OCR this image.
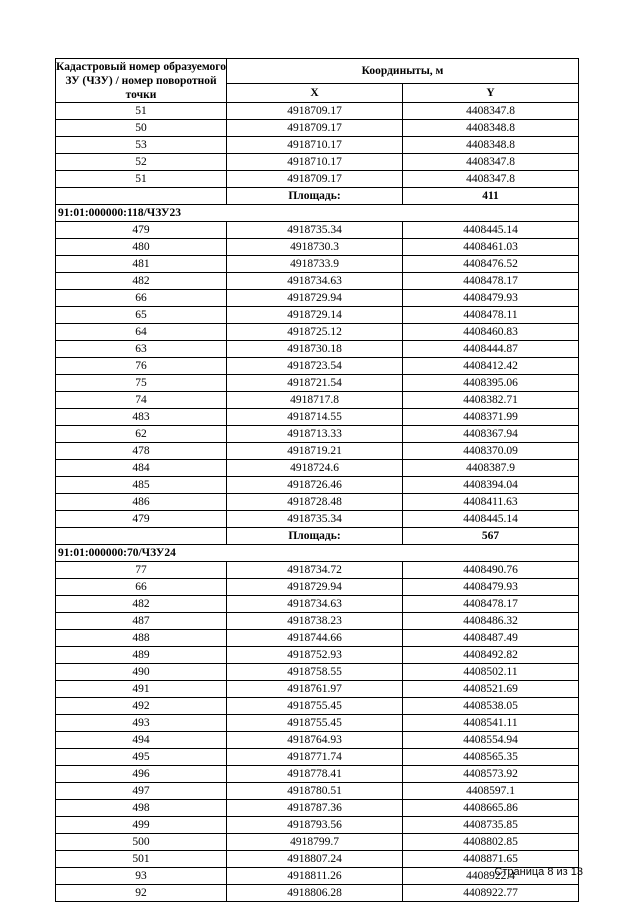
Кадастровый номер образуемого ЗУ (ЧЗУ) / номер поворотной точки	Координыты, м	
	X	Y
51	4918709.17	4408347.8
50	4918709.17	4408348.8
53	4918710.17	4408348.8
52	4918710.17	4408347.8
51	4918709.17	4408347.8
	Площадь:	411
91:01:000000:118/ЧЗУ23		
479	4918735.34	4408445.14
480	4918730.3	4408461.03
481	4918733.9	4408476.52
482	4918734.63	4408478.17
66	4918729.94	4408479.93
65	4918729.14	4408478.11
64	4918725.12	4408460.83
63	4918730.18	4408444.87
76	4918723.54	4408412.42
75	4918721.54	4408395.06
74	4918717.8	4408382.71
483	4918714.55	4408371.99
62	4918713.33	4408367.94
478	4918719.21	4408370.09
484	4918724.6	4408387.9
485	4918726.46	4408394.04
486	4918728.48	4408411.63
479	4918735.34	4408445.14
	Площадь:	567
91:01:000000:70/ЧЗУ24		
77	4918734.72	4408490.76
66	4918729.94	4408479.93
482	4918734.63	4408478.17
487	4918738.23	4408486.32
488	4918744.66	4408487.49
489	4918752.93	4408492.82
490	4918758.55	4408502.11
491	4918761.97	4408521.69
492	4918755.45	4408538.05
493	4918755.45	4408541.11
494	4918764.93	4408554.94
495	4918771.74	4408565.35
496	4918778.41	4408573.92
497	4918780.51	4408597.1
498	4918787.36	4408665.86
499	4918793.56	4408735.85
500	4918799.7	4408802.85
501	4918807.24	4408871.65
93	4918811.26	4408922.4
92	4918806.28	4408922.77
Страница 8 из 13
